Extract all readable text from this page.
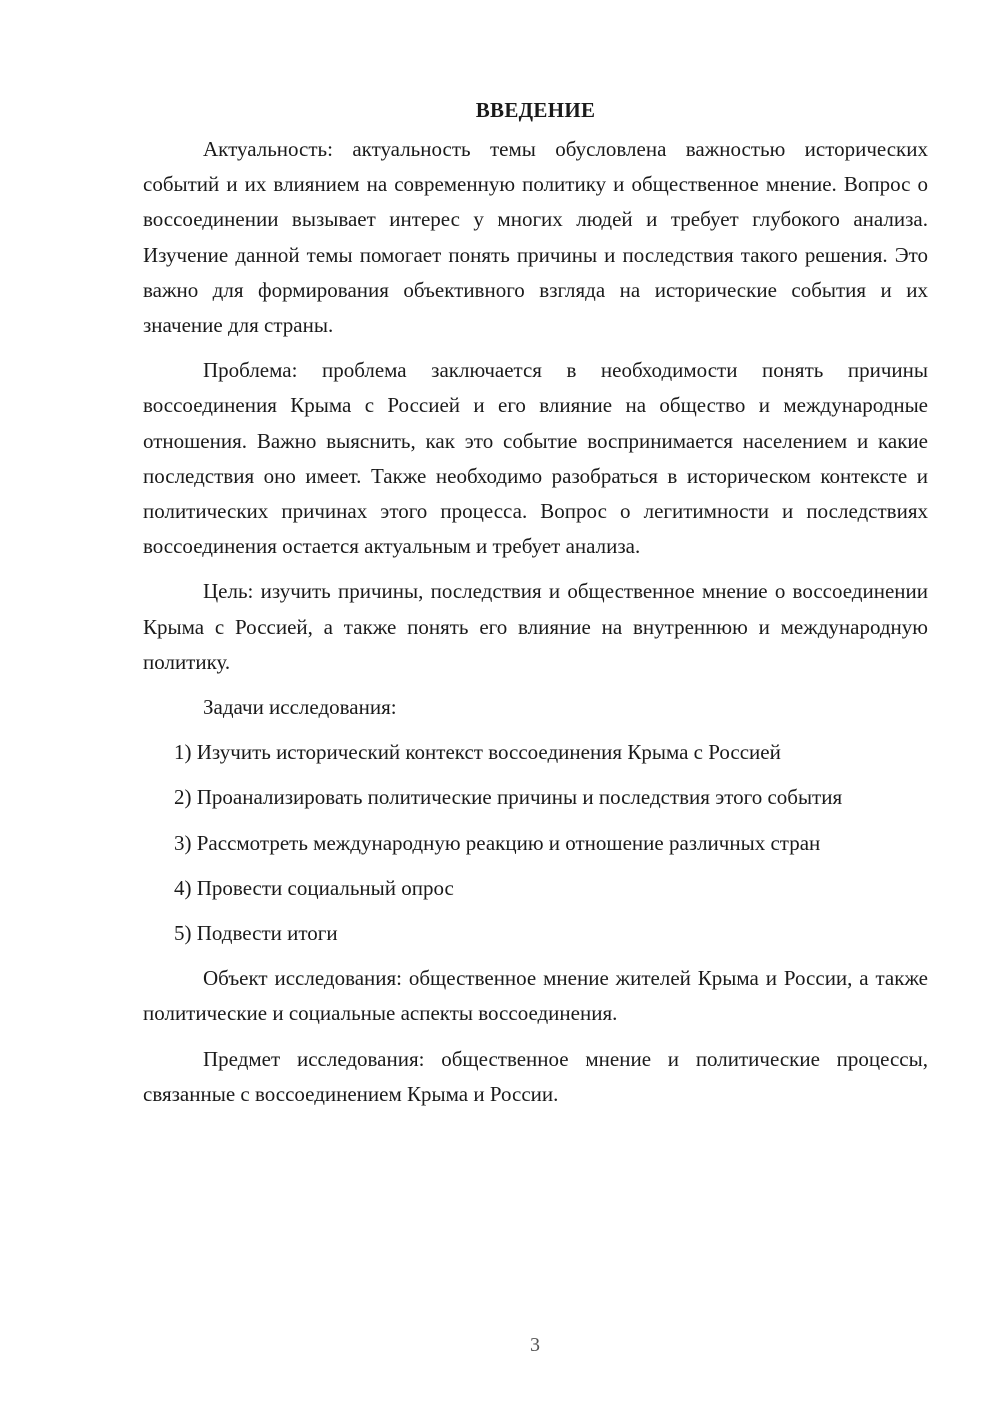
ВВЕДЕНИЕ

Актуальность: актуальность темы обусловлена важностью исторических событий и их влиянием на современную политику и общественное мнение. Вопрос о воссоединении вызывает интерес у многих людей и требует глубокого анализа. Изучение данной темы помогает понять причины и последствия такого решения. Это важно для формирования объективного взгляда на исторические события и их значение для страны.

Проблема: проблема заключается в необходимости понять причины воссоединения Крыма с Россией и его влияние на общество и международные отношения. Важно выяснить, как это событие воспринимается населением и какие последствия оно имеет. Также необходимо разобраться в историческом контексте и политических причинах этого процесса. Вопрос о легитимности и последствиях воссоединения остается актуальным и требует анализа.

Цель: изучить причины, последствия и общественное мнение о воссоединении Крыма с Россией, а также понять его влияние на внутреннюю и международную политику.

Задачи исследования:

1) Изучить исторический контекст воссоединения Крыма с Россией

2) Проанализировать политические причины и последствия этого события

3) Рассмотреть международную реакцию и отношение различных стран

4) Провести социальный опрос

5) Подвести итоги

Объект исследования: общественное мнение жителей Крыма и России, а также политические и социальные аспекты воссоединения.

Предмет исследования: общественное мнение и политические процессы, связанные с воссоединением Крыма и России.

3
